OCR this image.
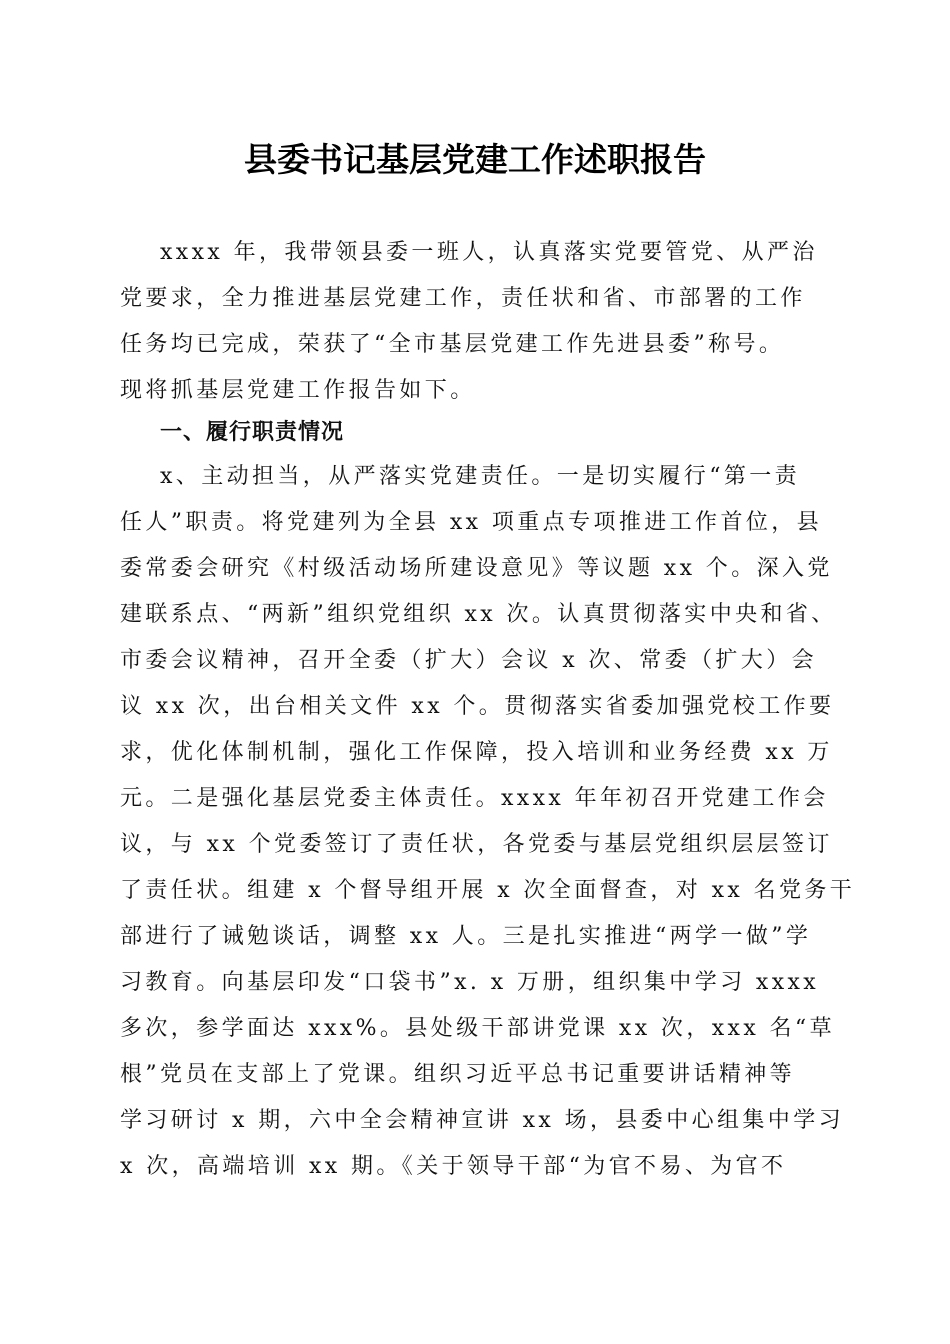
县委书记基层党建工作述职报告
xxxx 年，我带领县委一班人，认真落实党要管党、从严治
党要求，全力推进基层党建工作，责任状和省、市部署的工作
任务均已完成，荣获了“全市基层党建工作先进县委”称号。
现将抓基层党建工作报告如下。
一、履行职责情况
x、主动担当，从严落实党建责任。一是切实履行“第一责
任人”职责。将党建列为全县 xx 项重点专项推进工作首位，县
委常委会研究《村级活动场所建设意见》等议题 xx 个。深入党
建联系点、“两新”组织党组织 xx 次。认真贯彻落实中央和省、
市委会议精神，召开全委（扩大）会议 x 次、常委（扩大）会
议 xx 次，出台相关文件 xx 个。贯彻落实省委加强党校工作要
求，优化体制机制，强化工作保障，投入培训和业务经费 xx 万
元。二是强化基层党委主体责任。xxxx 年年初召开党建工作会
议，与 xx 个党委签订了责任状，各党委与基层党组织层层签订
了责任状。组建 x 个督导组开展 x 次全面督查，对 xx 名党务干
部进行了诫勉谈话，调整 xx 人。三是扎实推进“两学一做”学
习教育。向基层印发“口袋书”x. x 万册，组织集中学习 xxxx
多次，参学面达 xxx%。县处级干部讲党课 xx 次，xxx 名“草
根”党员在支部上了党课。组织习近平总书记重要讲话精神等
学习研讨 x 期，六中全会精神宣讲 xx 场，县委中心组集中学习
x 次，高端培训 xx 期。《关于领导干部“为官不易、为官不
